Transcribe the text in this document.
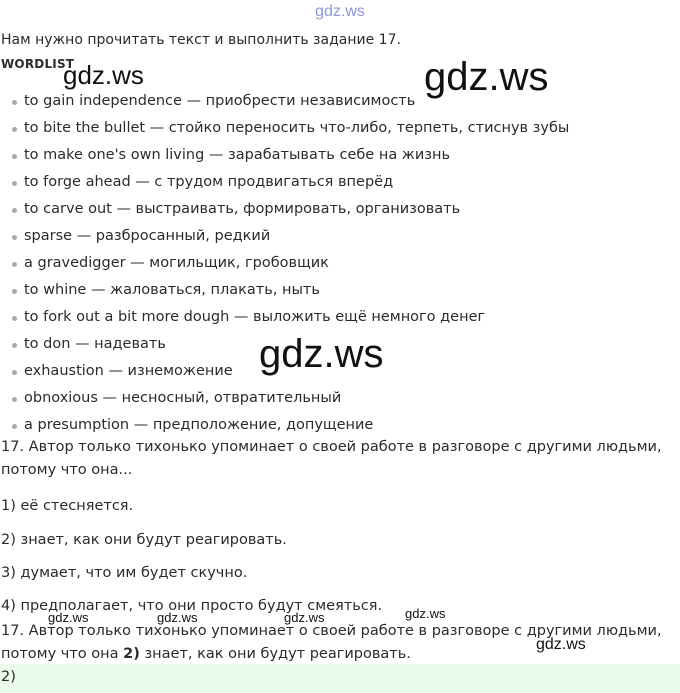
gdz.ws
Нам нужно прочитать текст и выполнить задание 17.
WORDLIST
to gain independence — приобрести независимость
to bite the bullet — стойко переносить что-либо, терпеть, стиснув зубы
to make one's own living — зарабатывать себе на жизнь
to forge ahead — с трудом продвигаться вперёд
to carve out — выстраивать, формировать, организовать
sparse — разбросанный, редкий
a gravedigger — могильщик, гробовщик
to whine — жаловаться, плакать, ныть
to fork out a bit more dough — выложить ещё немного денег
to don — надевать
exhaustion — изнеможение
obnoxious — несносный, отвратительный
a presumption — предположение, допущение
17. Автор только тихонько упоминает о своей работе в разговоре с другими людьми, потому что она...
1) её стесняется.
2) знает, как они будут реагировать.
3) думает, что им будет скучно.
4) предполагает, что они просто будут смеяться.
17. Автор только тихонько упоминает о своей работе в разговоре с другими людьми, потому что она 2) знает, как они будут реагировать.
2)
gdz.ws	gdz.ws
gdz.ws
gdz.ws	gdz.ws	gdz.ws	gdz.ws
gdz.ws
